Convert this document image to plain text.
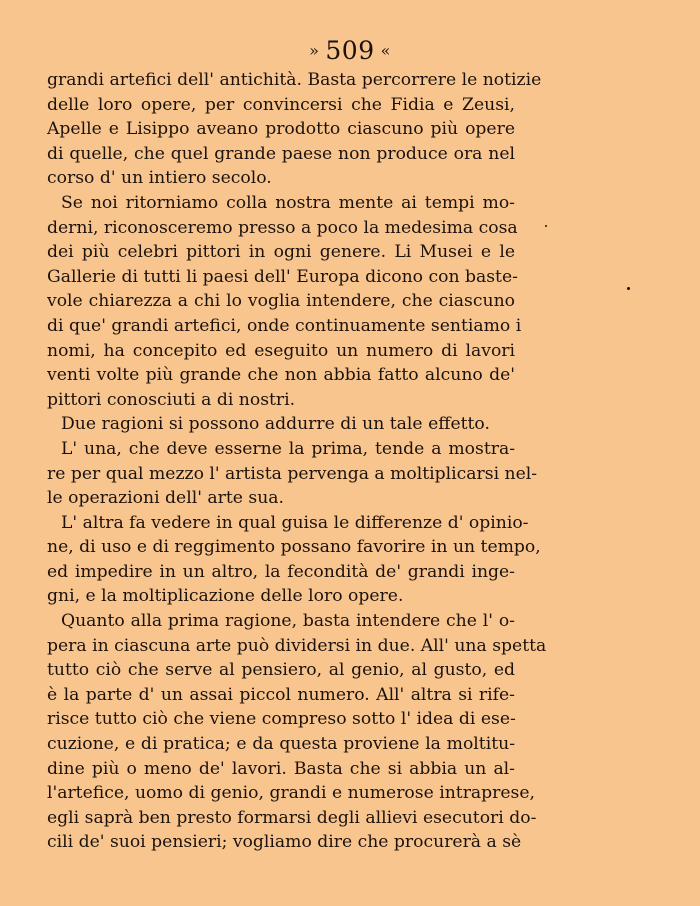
» 509 «
grandi artefici dell' antichità. Basta percorrere le notizie
delle loro opere, per convincersi che Fidia e Zeusi,
Apelle e Lisippo aveano prodotto ciascuno più opere
di quelle, che quel grande paese non produce ora nel
corso d' un intiero secolo.
Se noi ritorniamo colla nostra mente ai tempi mo-
derni, riconosceremo presso a poco la medesima cosa
dei più celebri pittori in ogni genere. Li Musei e le
Gallerie di tutti li paesi dell' Europa dicono con baste-
vole chiarezza a chi lo voglia intendere, che ciascuno
di que' grandi artefici, onde continuamente sentiamo i
nomi, ha concepito ed eseguito un numero di lavori
venti volte più grande che non abbia fatto alcuno de'
pittori conosciuti a di nostri.
Due ragioni si possono addurre di un tale effetto.
L' una, che deve esserne la prima, tende a mostra-
re per qual mezzo l' artista pervenga a moltiplicarsi nel-
le operazioni dell' arte sua.
L' altra fa vedere in qual guisa le differenze d' opinio-
ne, di uso e di reggimento possano favorire in un tempo,
ed impedire in un altro, la fecondità de' grandi inge-
gni, e la moltiplicazione delle loro opere.
Quanto alla prima ragione, basta intendere che l' o-
pera in ciascuna arte può dividersi in due. All' una spetta
tutto ciò che serve al pensiero, al genio, al gusto, ed
è la parte d' un assai piccol numero. All' altra si rife-
risce tutto ciò che viene compreso sotto l' idea di ese-
cuzione, e di pratica; e da questa proviene la moltitu-
dine più o meno de' lavori. Basta che si abbia un al-
l'artefice, uomo di genio, grandi e numerose intraprese,
egli saprà ben presto formarsi degli allievi esecutori do-
cili de' suoi pensieri; vogliamo dire che procurerà a sè
